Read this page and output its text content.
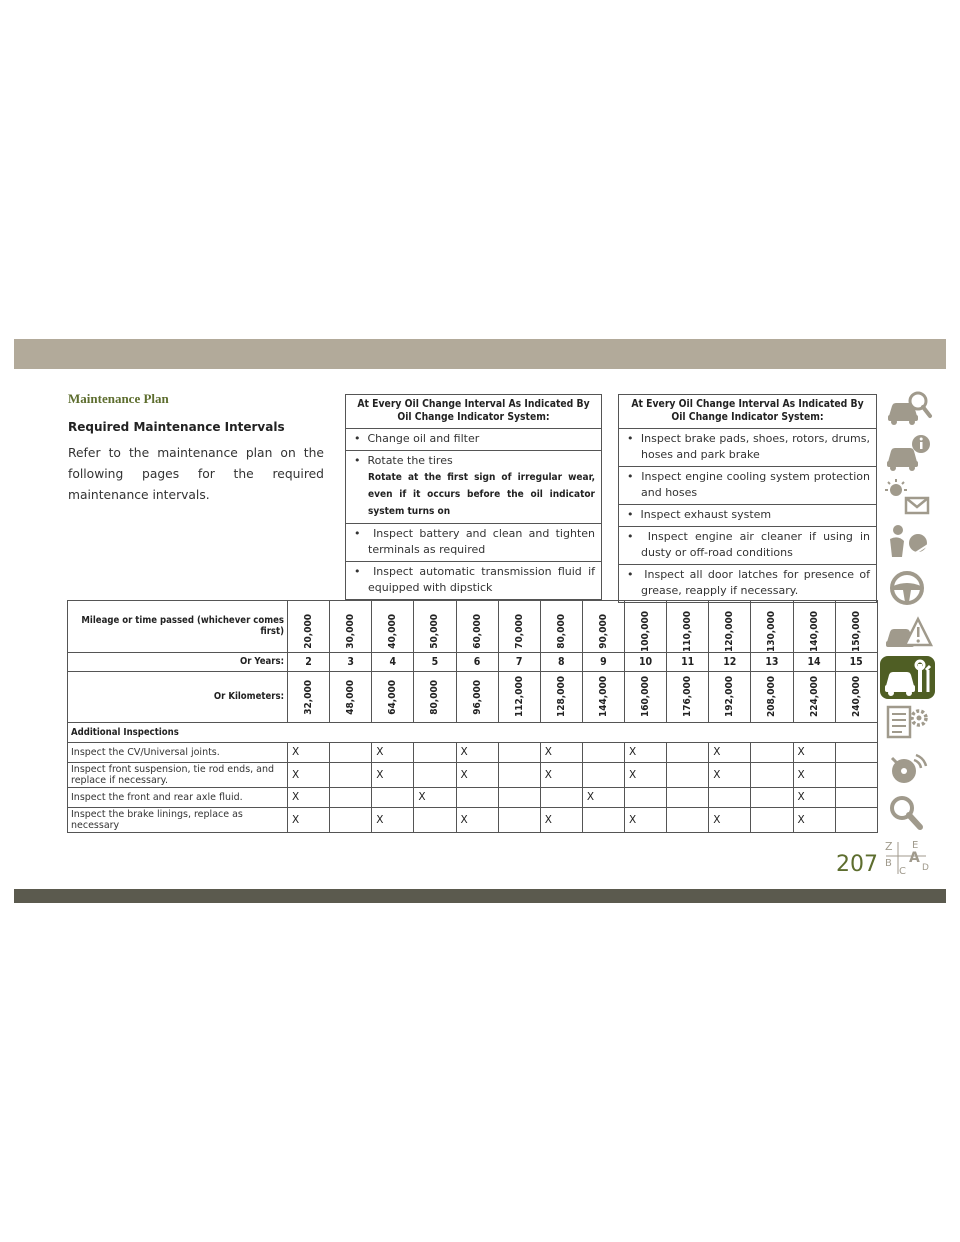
Maintenance Plan
Required Maintenance Intervals

Refer to the maintenance plan on the following pages for the required maintenance intervals.

At Every Oil Change Interval As Indicated By Oil Change Indicator System:
• Change oil and filter
• Rotate the tires
Rotate at the first sign of irregular wear, even if it occurs before the oil indicator system turns on
• Inspect battery and clean and tighten terminals as required
• Inspect automatic transmission fluid if equipped with dipstick
At Every Oil Change Interval As Indicated By Oil Change Indicator System:
• Inspect brake pads, shoes, rotors, drums, hoses and park brake
• Inspect engine cooling system protection and hoses
• Inspect exhaust system
• Inspect engine air cleaner if using in dusty or off-road conditions
• Inspect all door latches for presence of grease, reapply if necessary.
Mileage or time passed (whichever comes first)	20,000	30,000	40,000	50,000	60,000	70,000	80,000	90,000	100,000	110,000	120,000	130,000	140,000	150,000

Or Years:	2	3	4	5	6	7	8	9	10	11	12	13	14	15
Or Kilometers:	32,000	48,000	64,000	80,000	96,000	112,000	128,000	144,000	160,000	176,000	192,000	208,000	224,000	240,000

Additional Inspections														
Inspect the CV/Universal joints.	X		X		X		X		X		X		X	
Inspect front suspension, tie rod ends, and replace if necessary.	X		X		X		X		X		X		X	
Inspect the front and rear axle fluid.	X			X				X					X	
Inspect the brake linings, replace as necessary	X		X		X		X		X		X		X	
Z E
B
C
A
D
207
